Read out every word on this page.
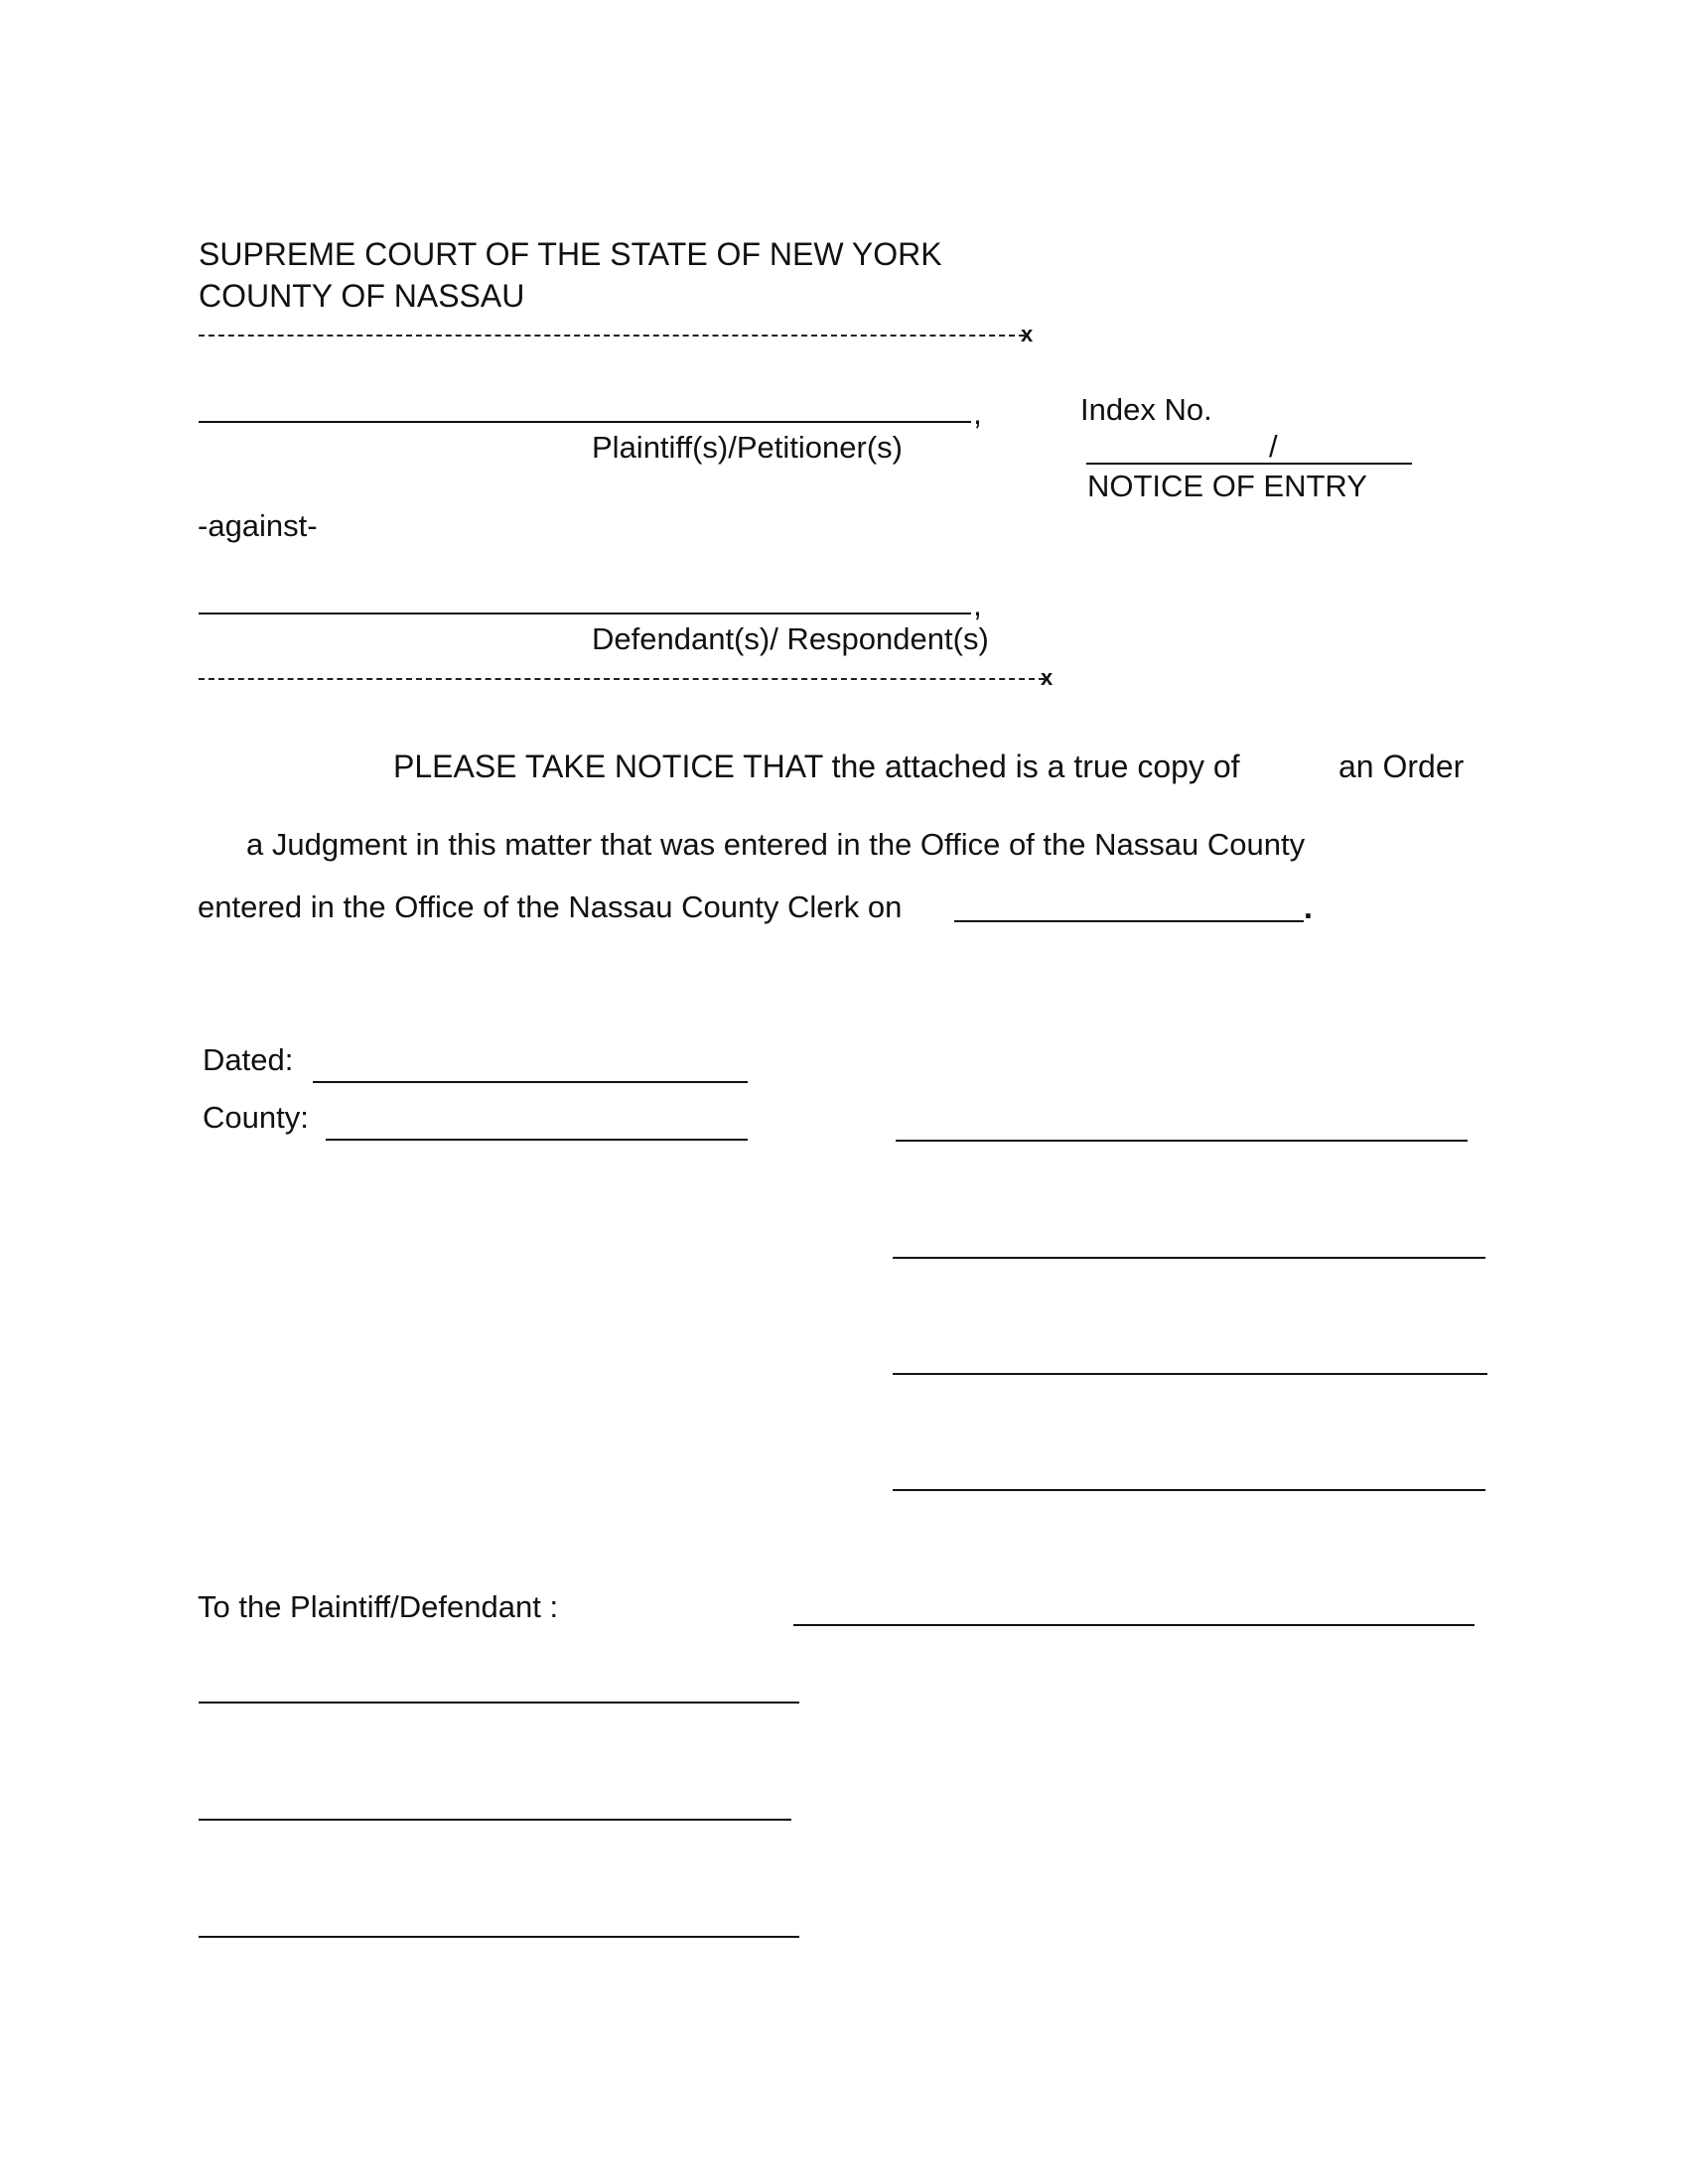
SUPREME COURT OF THE STATE OF NEW YORK
COUNTY OF NASSAU
x
,
Plaintiff(s)/Petitioner(s)
Index No.
/
NOTICE OF ENTRY
-against-
,
Defendant(s)/ Respondent(s)
x
PLEASE TAKE NOTICE THAT the attached is a true copy of	an Order
a Judgment in this matter that was entered in the Office of the Nassau County
entered in the Office of the Nassau County Clerk on	.
Dated:
County:
To the Plaintiff/Defendant :
